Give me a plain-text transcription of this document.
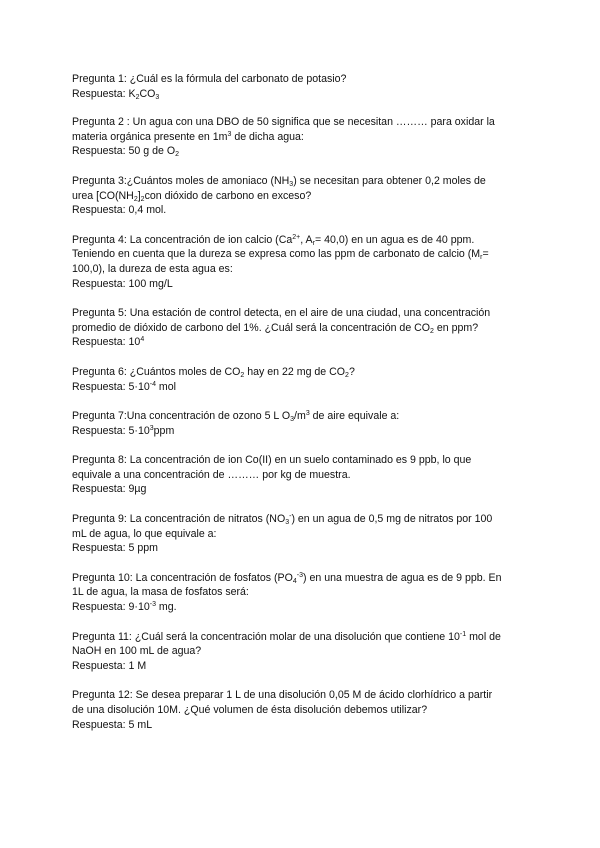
Pregunta 1: ¿Cuál es la fórmula del carbonato de potasio?
Respuesta: $K_2CO_3$
Pregunta 2 : Un agua con una DBO de 50 significa que se necesitan ……… para oxidar la
materia orgánica presente en $1m^3$ de dicha agua:
Respuesta: 50 g de $O_2$
Pregunta 3:¿Cuántos moles de amoniaco $(NH_3)$ se necesitan para obtener 0,2 moles de
urea [$CO(NH_2]_2con$ dióxido de carbono en exceso?
Respuesta: 0,4 mol.
Pregunta 4: La concentración de ion calcio ($Ca^{2+}$, $A_r= 40,0$) en un agua es de 40 ppm.
Teniendo en cuenta que la dureza se expresa como las ppm de carbonato de calcio ($M_r=$
100,0), la dureza de esta agua es:
Respuesta: 100 mg/L
Pregunta 5: Una estación de control detecta, en el aire de una ciudad, una concentración
promedio de dióxido de carbono del 1%. ¿Cuál será la concentración de $CO_2$ en ppm?
Respuesta: $10^4$
Pregunta 6: ¿Cuántos moles de $CO_2$ hay en 22 mg de $CO_2$?
Respuesta: $5\cdot 10^{-4}$ mol
Pregunta 7:Una concentración de ozono 5 L $O_3/m^3$ de aire equivale a:
Respuesta: $5\cdot 10^3ppm$
Pregunta 8: La concentración de ion Co(II) en un suelo contaminado es 9 ppb, lo que
equivale a una concentración de ……… por kg de muestra.
Respuesta: 9µg
Pregunta 9: La concentración de nitratos $(NO_3^-)$ en un agua de 0,5 mg de nitratos por 100
mL de agua, lo que equivale a:
Respuesta: 5 ppm
Pregunta 10: La concentración de fosfatos $(PO_4^{-3})$ en una muestra de agua es de 9 ppb. En
1L de agua, la masa de fosfatos será:
Respuesta: $9\cdot 10^{-3}$ mg.
Pregunta 11: ¿Cuál será la concentración molar de una disolución que contiene $10^{-1}$ mol de
NaOH en 100 mL de agua?
Respuesta: 1 M
Pregunta 12: Se desea preparar 1 L de una disolución 0,05 M de ácido clorhídrico a partir
de una disolución 10M. ¿Qué volumen de ésta disolución debemos utilizar?
Respuesta: 5 mL
